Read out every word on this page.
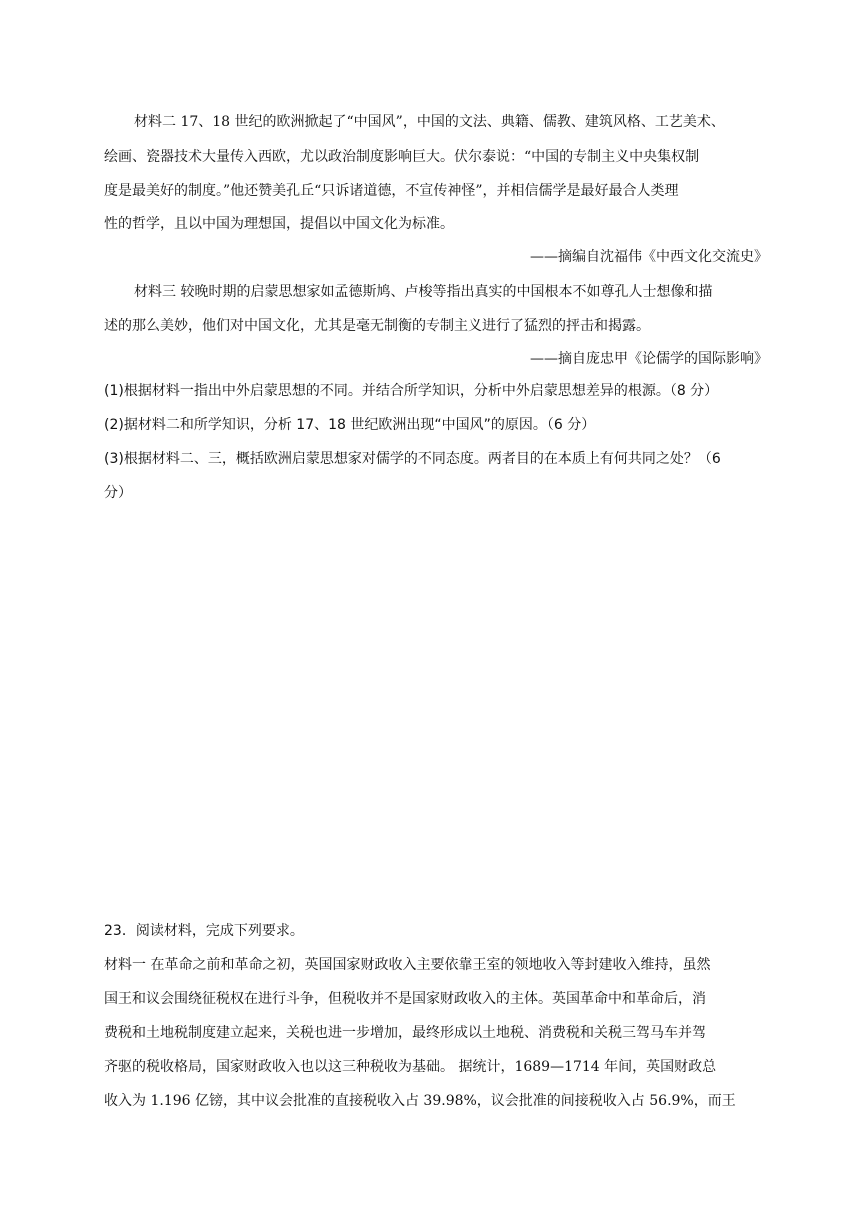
材料二 17、18 世纪的欧洲掀起了“中国风”，中国的文法、典籍、儒教、建筑风格、工艺美术、

绘画、瓷器技术大量传入西欧，尤以政治制度影响巨大。伏尔泰说：“中国的专制主义中央集权制

度是最美好的制度。”他还赞美孔丘“只诉诸道德，不宣传神怪”，并相信儒学是最好最合人类理

性的哲学，且以中国为理想国，提倡以中国文化为标准。

——摘编自沈福伟《中西文化交流史》

材料三 较晚时期的启蒙思想家如孟德斯鸠、卢梭等指出真实的中国根本不如尊孔人士想像和描

述的那么美妙，他们对中国文化，尤其是毫无制衡的专制主义进行了猛烈的抨击和揭露。

——摘自庞忠甲《论儒学的国际影响》

(1)根据材料一指出中外启蒙思想的不同。并结合所学知识，分析中外启蒙思想差异的根源。（8 分）

(2)据材料二和所学知识，分析 17、18 世纪欧洲出现“中国风”的原因。（6 分）

(3)根据材料二、三，概括欧洲启蒙思想家对儒学的不同态度。两者目的在本质上有何共同之处？（6

分）

23．阅读材料，完成下列要求。

材料一 在革命之前和革命之初，英国国家财政收入主要依靠王室的领地收入等封建收入维持，虽然

国王和议会围绕征税权在进行斗争，但税收并不是国家财政收入的主体。英国革命中和革命后，消

费税和土地税制度建立起来，关税也进一步增加，最终形成以土地税、消费税和关税三驾马车并驾

齐驱的税收格局，国家财政收入也以这三种税收为基础。 据统计，1689—1714 年间，英国财政总

收入为 1.196 亿镑，其中议会批准的直接税收入占 39.98%，议会批准的间接税收入占 56.9%，而王
